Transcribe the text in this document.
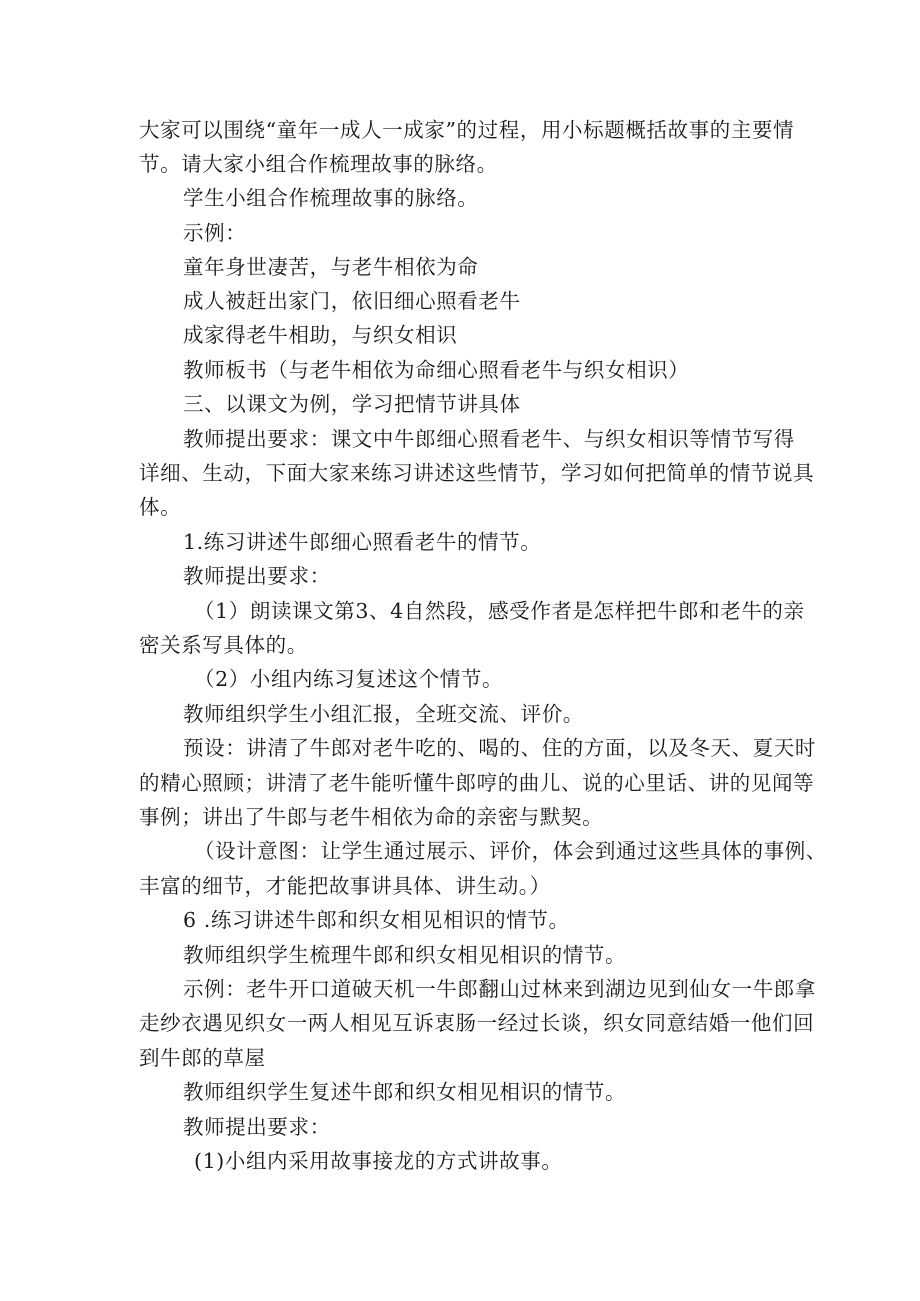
大家可以围绕“童年一成人一成家”的过程，用小标题概括故事的主要情
节。请大家小组合作梳理故事的脉络。
学生小组合作梳理故事的脉络。
示例：
童年身世凄苦，与老牛相依为命
成人被赶出家门，依旧细心照看老牛
成家得老牛相助，与织女相识
教师板书（与老牛相依为命细心照看老牛与织女相识）
三、以课文为例，学习把情节讲具体
教师提出要求：课文中牛郎细心照看老牛、与织女相识等情节写得
详细、生动，下面大家来练习讲述这些情节，学习如何把简单的情节说具
体。
1.练习讲述牛郎细心照看老牛的情节。
教师提出要求：
（1）朗读课文第3、4自然段，感受作者是怎样把牛郎和老牛的亲
密关系写具体的。
（2）小组内练习复述这个情节。
教师组织学生小组汇报，全班交流、评价。
预设：讲清了牛郎对老牛吃的、喝的、住的方面，以及冬天、夏天时
的精心照顾；讲清了老牛能听懂牛郎哼的曲儿、说的心里话、讲的见闻等
事例；讲出了牛郎与老牛相依为命的亲密与默契。
（设计意图：让学生通过展示、评价，体会到通过这些具体的事例、
丰富的细节，才能把故事讲具体、讲生动。）
6 .练习讲述牛郎和织女相见相识的情节。
教师组织学生梳理牛郎和织女相见相识的情节。
示例：老牛开口道破天机一牛郎翻山过林来到湖边见到仙女一牛郎拿
走纱衣遇见织女一两人相见互诉衷肠一经过长谈，织女同意结婚一他们回
到牛郎的草屋
教师组织学生复述牛郎和织女相见相识的情节。
教师提出要求：
(1)小组内采用故事接龙的方式讲故事。
